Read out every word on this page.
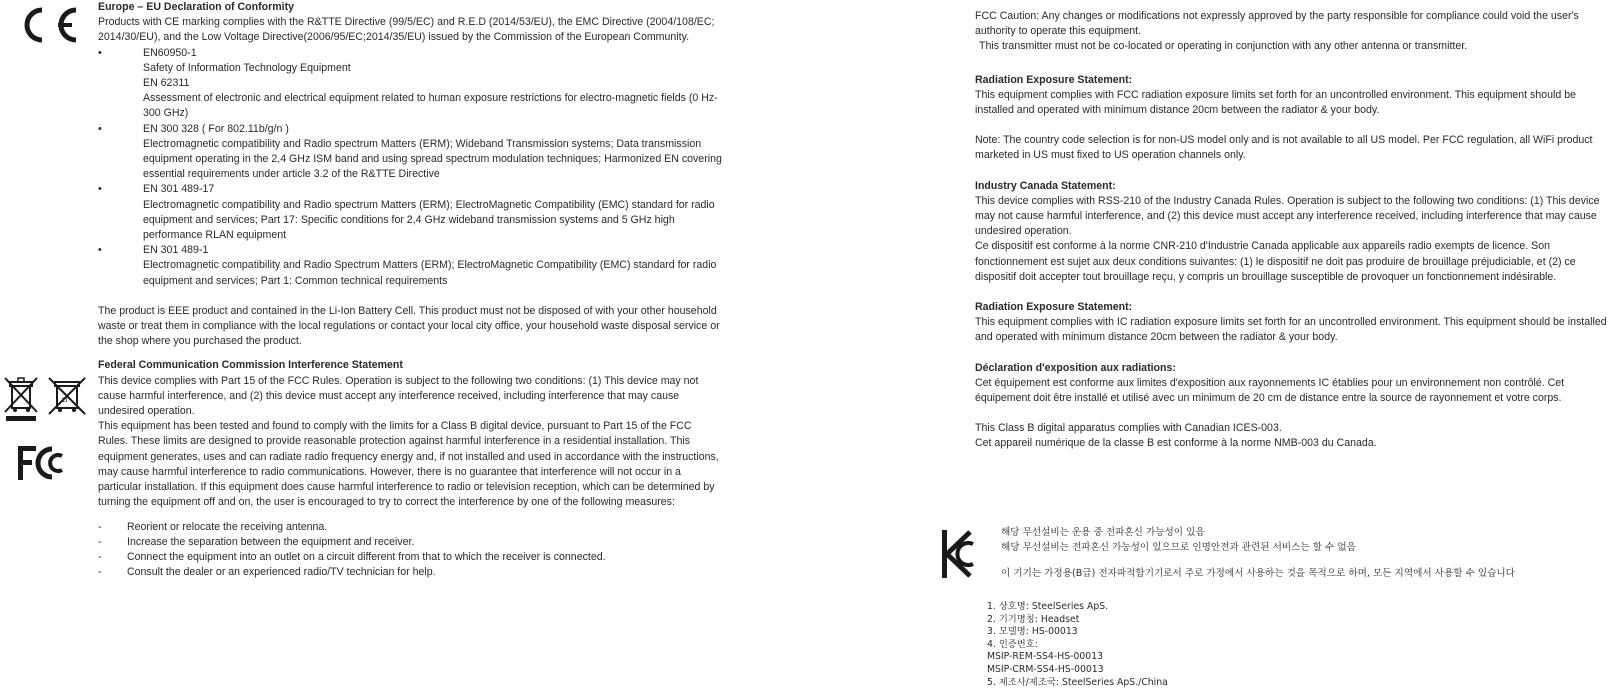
Li

Europe – EU Declaration of Conformity

Products with CE marking complies with the R&TTE Directive (99/5/EC) and R.E.D (2014/53/EU), the EMC Directive (2004/108/EC; 2014/30/EU), and the Low Voltage Directive(2006/95/EC;2014/35/EU) issued by the Commission of the European Community.

• EN60950-1
Safety of Information Technology Equipment
EN 62311
Assessment of electronic and electrical equipment related to human exposure restrictions for electro-magnetic fields (0 Hz-300 GHz)
• EN 300 328 ( For 802.11b/g/n )
Electromagnetic compatibility and Radio spectrum Matters (ERM); Wideband Transmission systems; Data transmission equipment operating in the 2,4 GHz ISM band and using spread spectrum modulation techniques; Harmonized EN covering essential requirements under article 3.2 of the R&TTE Directive
• EN 301 489-17
Electromagnetic compatibility and Radio spectrum Matters (ERM); ElectroMagnetic Compatibility (EMC) standard for radio equipment and services; Part 17: Specific conditions for 2,4 GHz wideband transmission systems and 5 GHz high performance RLAN equipment
• EN 301 489-1
Electromagnetic compatibility and Radio Spectrum Matters (ERM); ElectroMagnetic Compatibility (EMC) standard for radio equipment and services; Part 1: Common technical requirements

The product is EEE product and contained in the Li-Ion Battery Cell. This product must not be disposed of with your other household waste or treat them in compliance with the local regulations or contact your local city office, your household waste disposal service or the shop where you purchased the product.

Federal Communication Commission Interference Statement

This device complies with Part 15 of the FCC Rules. Operation is subject to the following two conditions: (1) This device may not cause harmful interference, and (2) this device must accept any interference received, including interference that may cause undesired operation.

This equipment has been tested and found to comply with the limits for a Class B digital device, pursuant to Part 15 of the FCC Rules. These limits are designed to provide reasonable protection against harmful interference in a residential installation. This equipment generates, uses and can radiate radio frequency energy and, if not installed and used in accordance with the instructions, may cause harmful interference to radio communications. However, there is no guarantee that interference will not occur in a particular installation. If this equipment does cause harmful interference to radio or television reception, which can be determined by turning the equipment off and on, the user is encouraged to try to correct the interference by one of the following measures:

- Reorient or relocate the receiving antenna.
- Increase the separation between the equipment and receiver.
- Connect the equipment into an outlet on a circuit different from that to which the receiver is connected.
- Consult the dealer or an experienced radio/TV technician for help.

FCC Caution: Any changes or modifications not expressly approved by the party responsible for compliance could void the user's authority to operate this equipment.

This transmitter must not be co-located or operating in conjunction with any other antenna or transmitter.

Radiation Exposure Statement:

This equipment complies with FCC radiation exposure limits set forth for an uncontrolled environment. This equipment should be installed and operated with minimum distance 20cm between the radiator & your body.

Note: The country code selection is for non-US model only and is not available to all US model. Per FCC regulation, all WiFi product marketed in US must fixed to US operation channels only.

Industry Canada Statement:

This device complies with RSS-210 of the Industry Canada Rules. Operation is subject to the following two conditions: (1) This device may not cause harmful interference, and (2) this device must accept any interference received, including interference that may cause undesired operation.

Ce dispositif est conforme à la norme CNR-210 d'Industrie Canada applicable aux appareils radio exempts de licence. Son fonctionnement est sujet aux deux conditions suivantes: (1) le dispositif ne doit pas produire de brouillage préjudiciable, et (2) ce dispositif doit accepter tout brouillage reçu, y compris un brouillage susceptible de provoquer un fonctionnement indésirable.

Radiation Exposure Statement:

This equipment complies with IC radiation exposure limits set forth for an uncontrolled environment. This equipment should be installed and operated with minimum distance 20cm between the radiator & your body.

Déclaration d'exposition aux radiations:

Cet équipement est conforme aux limites d'exposition aux rayonnements IC établies pour un environnement non contrôlé. Cet équipement doit être installé et utilisé avec un minimum de 20 cm de distance entre la source de rayonnement et votre corps.

This Class B digital apparatus complies with Canadian ICES-003.

Cet appareil numérique de la classe B est conforme à la norme NMB-003 du Canada.

해당 무선설비는 운용 중 전파혼신 가능성이 있음

해당 무선설비는 전파혼신 가능성이 있으므로 인명안전과 관련된 서비스는 할 수 없음

이 기기는 가정용(B급) 전자파적합기기로서 주로 가정에서 사용하는 것을 목적으로 하며, 모든 지역에서 사용할 수 있습니다

1. 상호명: SteelSeries ApS.
2. 기기명칭: Headset
3. 모델명: HS-00013
4. 인증번호:
MSIP-REM-SS4-HS-00013
MSIP-CRM-SS4-HS-00013
5. 제조사/제조국: SteelSeries ApS./China
